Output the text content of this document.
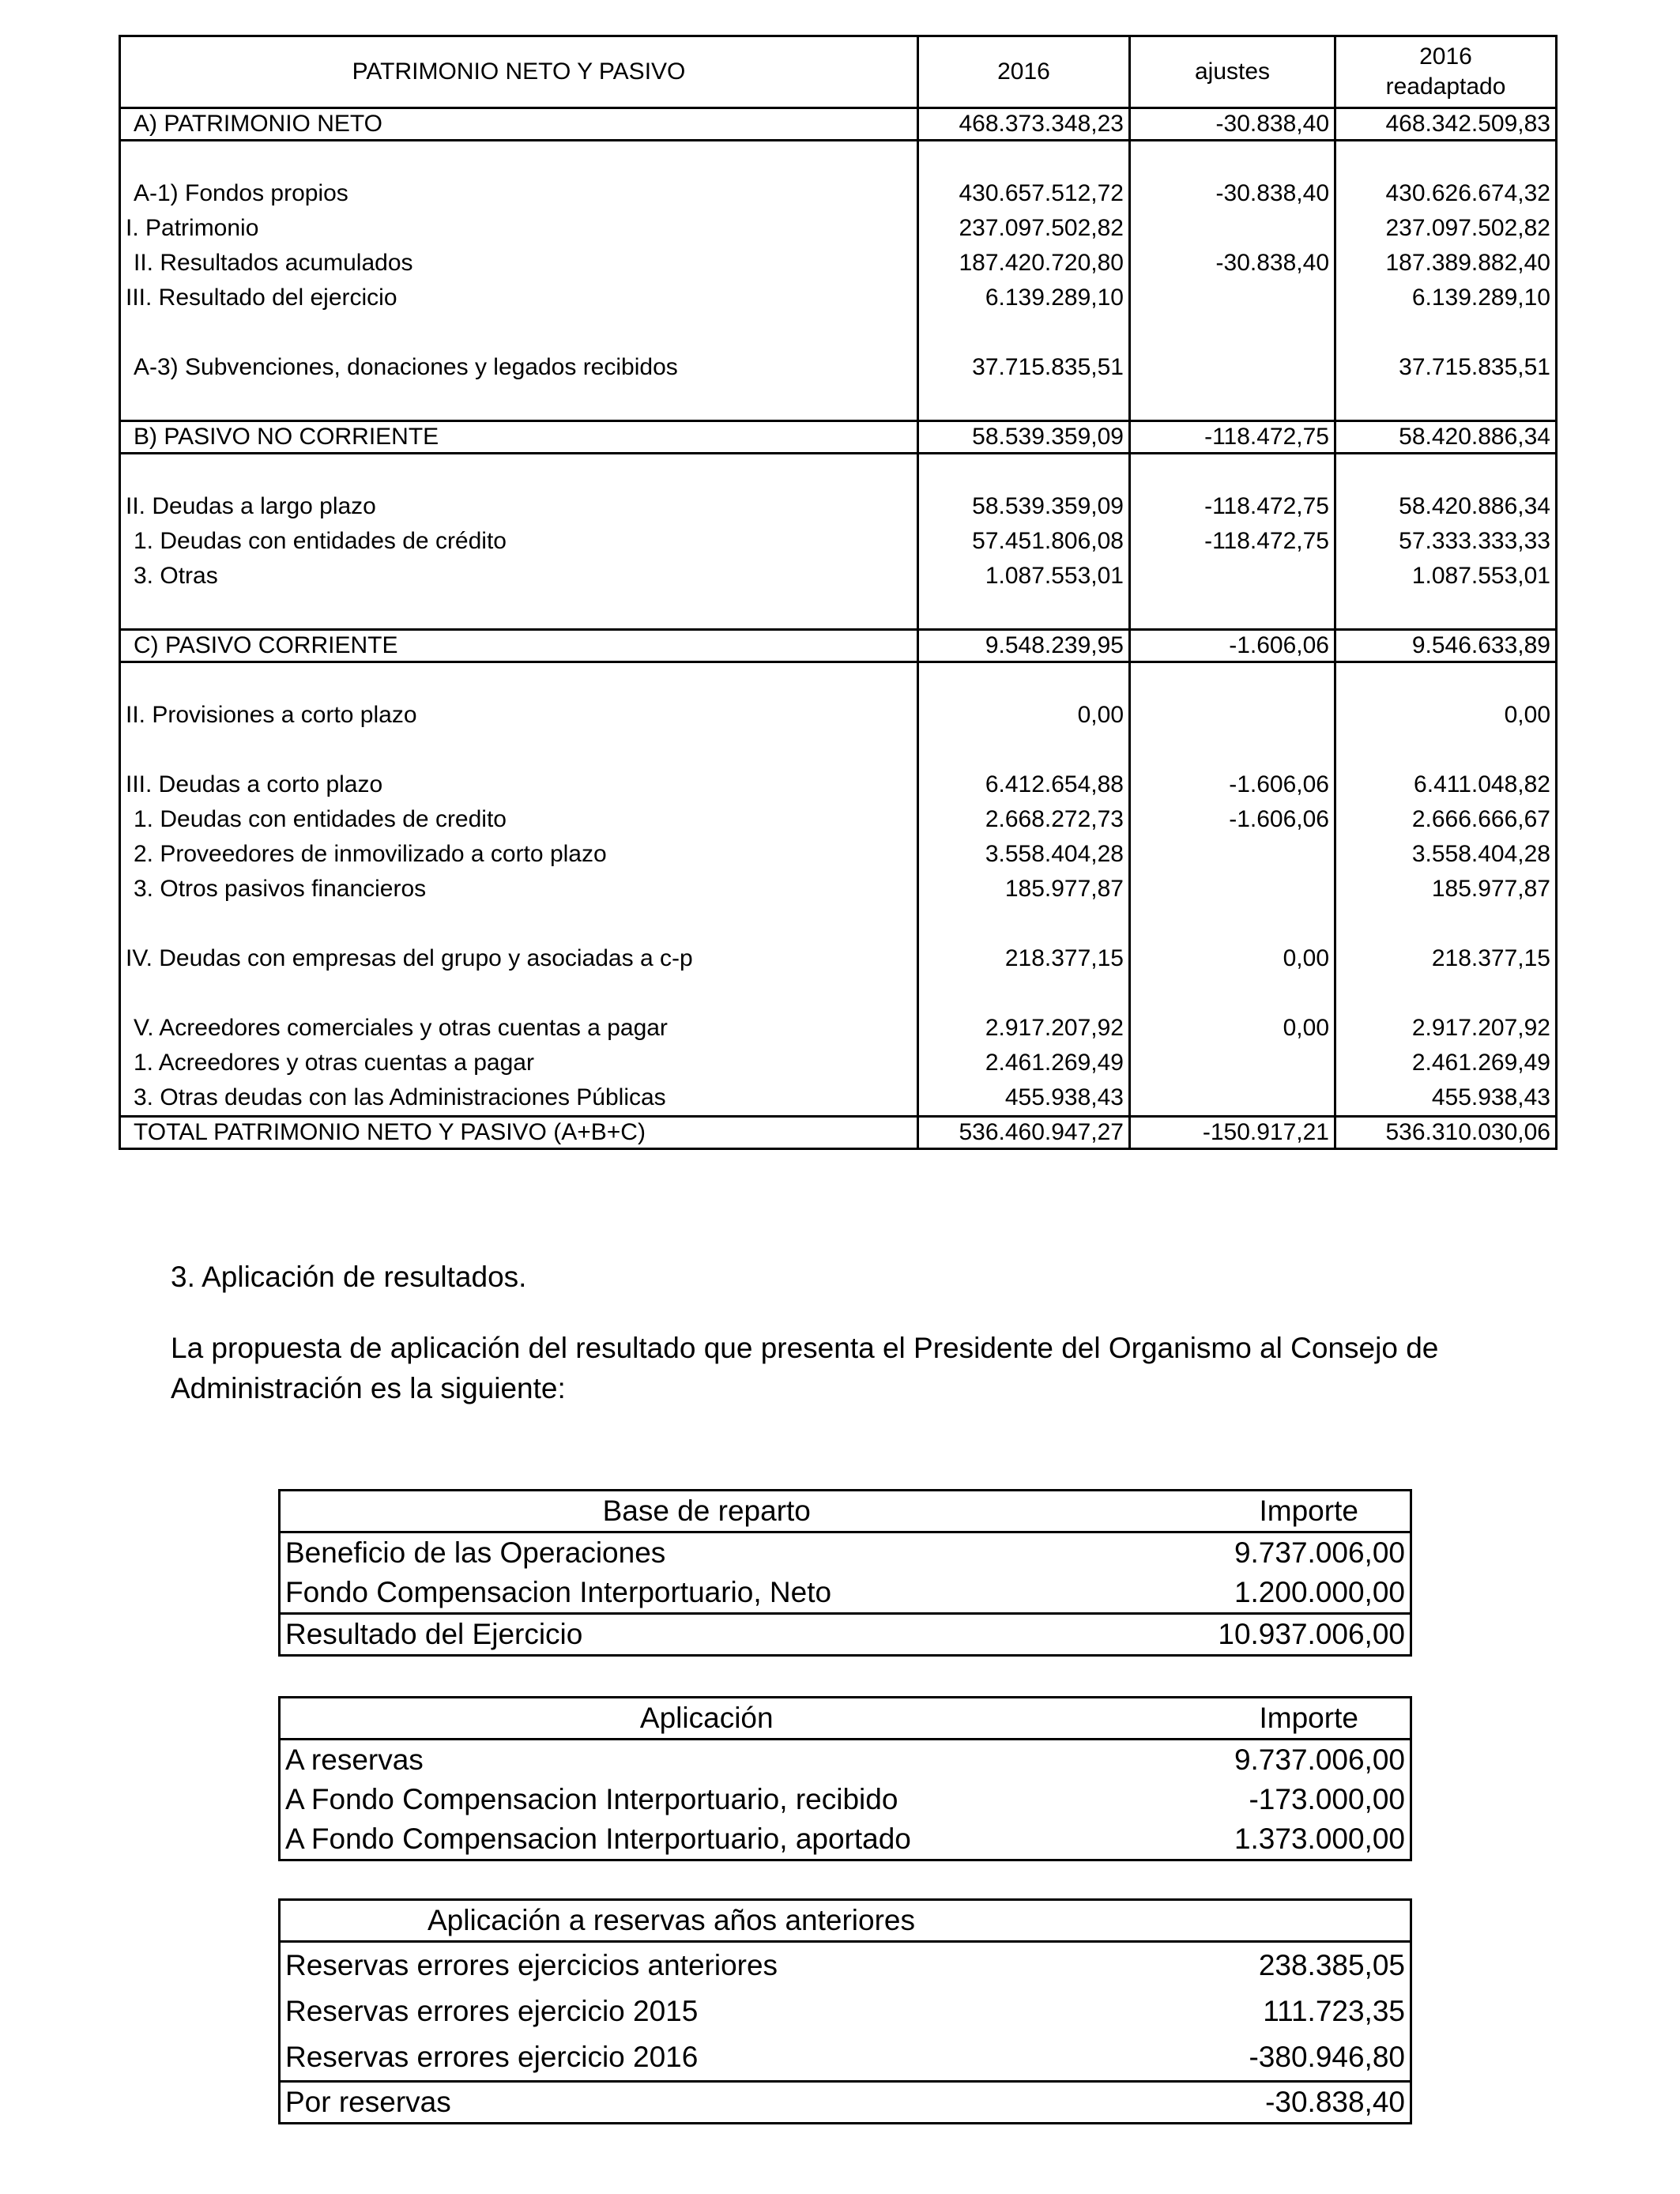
PATRIMONIO NETO Y PASIVO	2016	ajustes	2016
readaptado

A) PATRIMONIO NETO	468.373.348,23	-30.838,40	468.342.509,83

A-1) Fondos propios	430.657.512,72	-30.838,40	430.626.674,32
I. Patrimonio	237.097.502,82		237.097.502,82
II. Resultados acumulados	187.420.720,80	-30.838,40	187.389.882,40
III. Resultado del ejercicio	6.139.289,10		6.139.289,10

A-3) Subvenciones, donaciones y legados recibidos	37.715.835,51		37.715.835,51

B) PASIVO NO CORRIENTE	58.539.359,09	-118.472,75	58.420.886,34

II. Deudas a largo plazo	58.539.359,09	-118.472,75	58.420.886,34
1. Deudas con entidades de crédito	57.451.806,08	-118.472,75	57.333.333,33
3. Otras	1.087.553,01		1.087.553,01

C) PASIVO CORRIENTE	9.548.239,95	-1.606,06	9.546.633,89

II. Provisiones a corto plazo	0,00		0,00

III. Deudas a corto plazo	6.412.654,88	-1.606,06	6.411.048,82
1. Deudas con entidades de credito	2.668.272,73	-1.606,06	2.666.666,67
2. Proveedores de inmovilizado a corto plazo	3.558.404,28		3.558.404,28
3. Otros pasivos financieros	185.977,87		185.977,87

IV. Deudas con empresas del grupo y asociadas a c-p	218.377,15	0,00	218.377,15

V. Acreedores comerciales y otras cuentas a pagar	2.917.207,92	0,00	2.917.207,92
1. Acreedores y otras cuentas a pagar	2.461.269,49		2.461.269,49
3. Otras deudas con las Administraciones Públicas	455.938,43		455.938,43
TOTAL PATRIMONIO NETO Y PASIVO (A+B+C)	536.460.947,27	-150.917,21	536.310.030,06
3. Aplicación de resultados.
La propuesta de aplicación del resultado que presenta el Presidente del Organismo al Consejo de Administración es la siguiente:
Base de reparto	Importe
Beneficio de las Operaciones	9.737.006,00
Fondo Compensacion Interportuario, Neto	1.200.000,00
Resultado del Ejercicio	10.937.006,00
Aplicación	Importe
A reservas	9.737.006,00
A Fondo Compensacion Interportuario, recibido	-173.000,00
A Fondo Compensacion Interportuario, aportado	1.373.000,00
Aplicación a reservas años anteriores	
Reservas errores ejercicios anteriores	238.385,05
Reservas errores ejercicio 2015	111.723,35
Reservas errores ejercicio 2016	-380.946,80
Por reservas	-30.838,40
